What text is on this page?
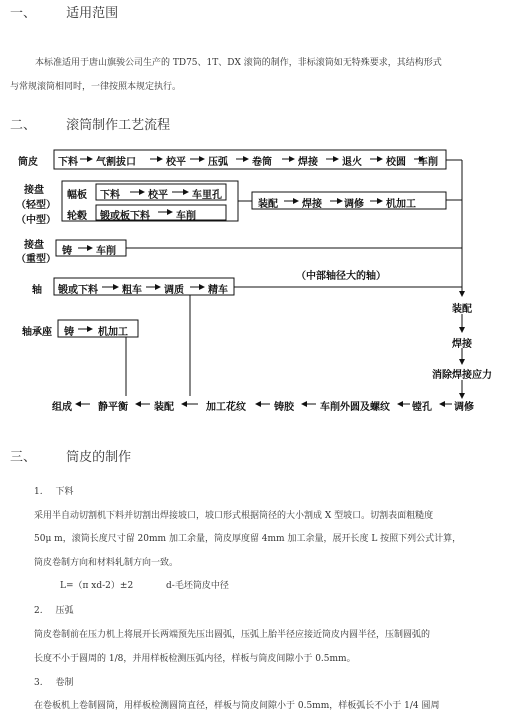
一、 适用范围
本标准适用于唐山旗骏公司生产的 TD75、1T、DX 滚筒的制作，非标滚筒如无特殊要求，其结构形式
与常规滚筒相同时，一律按照本规定执行。
二、 滚筒制作工艺流程
筒皮 下料 气割拔口	校平 压弧 卷筒	焊接 退火 校圆 车削
接盘
（轻型）
（中型）
幅板 下料	校平 车里孔
轮毂 锻或板下料	车削
装配 焊接 调修 机加工
接盘
（重型）
铸 车削
（中部轴径大的轴）
轴 锻或下料 粗车 调质 精车
轴承座 铸 机加工
装配
焊接
消除焊接应力
组成	静平衡	装配	加工花纹	铸胶	车削外圆及螺纹 镗孔 调修
三、 筒皮的制作
1. 下料
采用半自动切割机下料并切割出焊接坡口，坡口形式根据筒径的大小割成 X 型坡口。切割表面粗糙度
50μ m，滚筒长度尺寸留 20mm 加工余量，筒皮厚度留 4mm 加工余量，展开长度 L 按照下列公式计算，
筒皮卷制方向和材料轧制方向一致。
L=（π xd-2）±2	d-毛坯筒皮中径
2. 压弧
筒皮卷制前在压力机上将展开长两端预先压出圆弧，压弧上胎半径应接近筒皮内圆半径，压制圆弧的
长度不小于圆周的 1/8，并用样板检测压弧内径，样板与筒皮间隙小于 0.5mm。
3. 卷制
在卷板机上卷制圆筒，用样板检测圆筒直径，样板与筒皮间隙小于 0.5mm，样板弧长不小于 1/4 圆周
